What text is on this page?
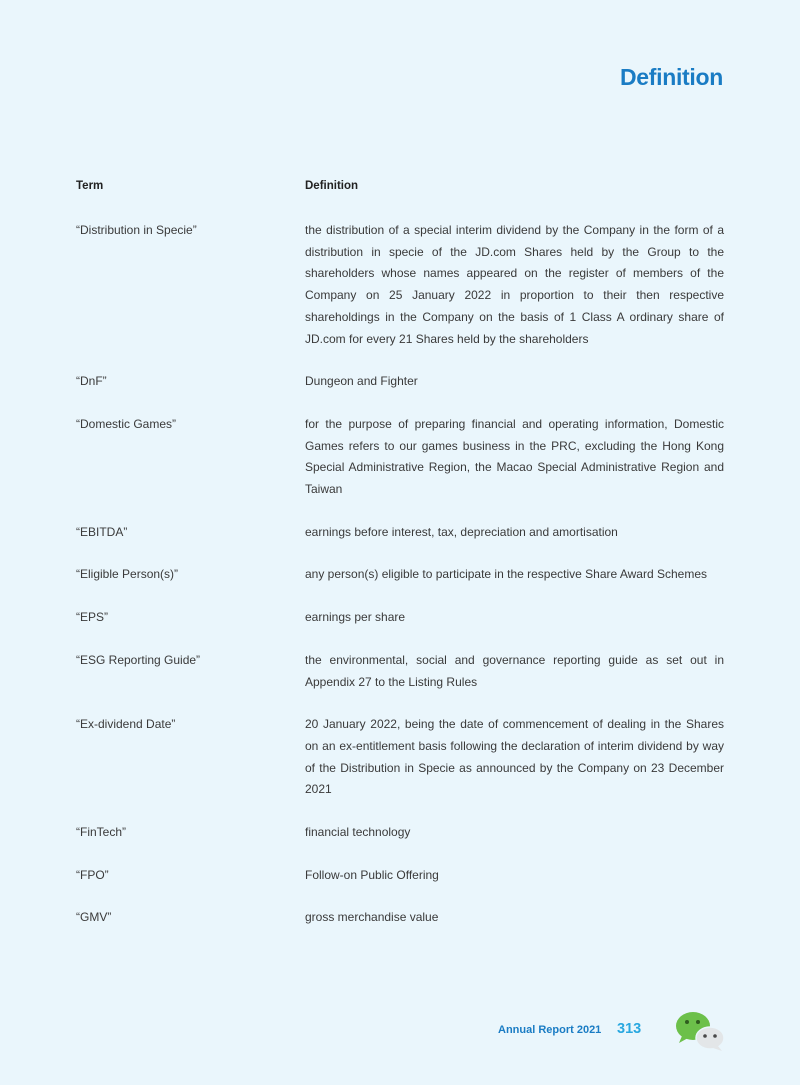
Definition
Term	Definition
“Distribution in Specie”	the distribution of a special interim dividend by the Company in the form of a distribution in specie of the JD.com Shares held by the Group to the shareholders whose names appeared on the register of members of the Company on 25 January 2022 in proportion to their then respective shareholdings in the Company on the basis of 1 Class A ordinary share of JD.com for every 21 Shares held by the shareholders
“DnF”	Dungeon and Fighter
“Domestic Games”	for the purpose of preparing financial and operating information, Domestic Games refers to our games business in the PRC, excluding the Hong Kong Special Administrative Region, the Macao Special Administrative Region and Taiwan
“EBITDA”	earnings before interest, tax, depreciation and amortisation
“Eligible Person(s)”	any person(s) eligible to participate in the respective Share Award Schemes
“EPS”	earnings per share
“ESG Reporting Guide”	the environmental, social and governance reporting guide as set out in Appendix 27 to the Listing Rules
“Ex-dividend Date”	20 January 2022, being the date of commencement of dealing in the Shares on an ex-entitlement basis following the declaration of interim dividend by way of the Distribution in Specie as announced by the Company on 23 December 2021
“FinTech”	financial technology
“FPO”	Follow-on Public Offering
“GMV”	gross merchandise value
Annual Report 2021 313
